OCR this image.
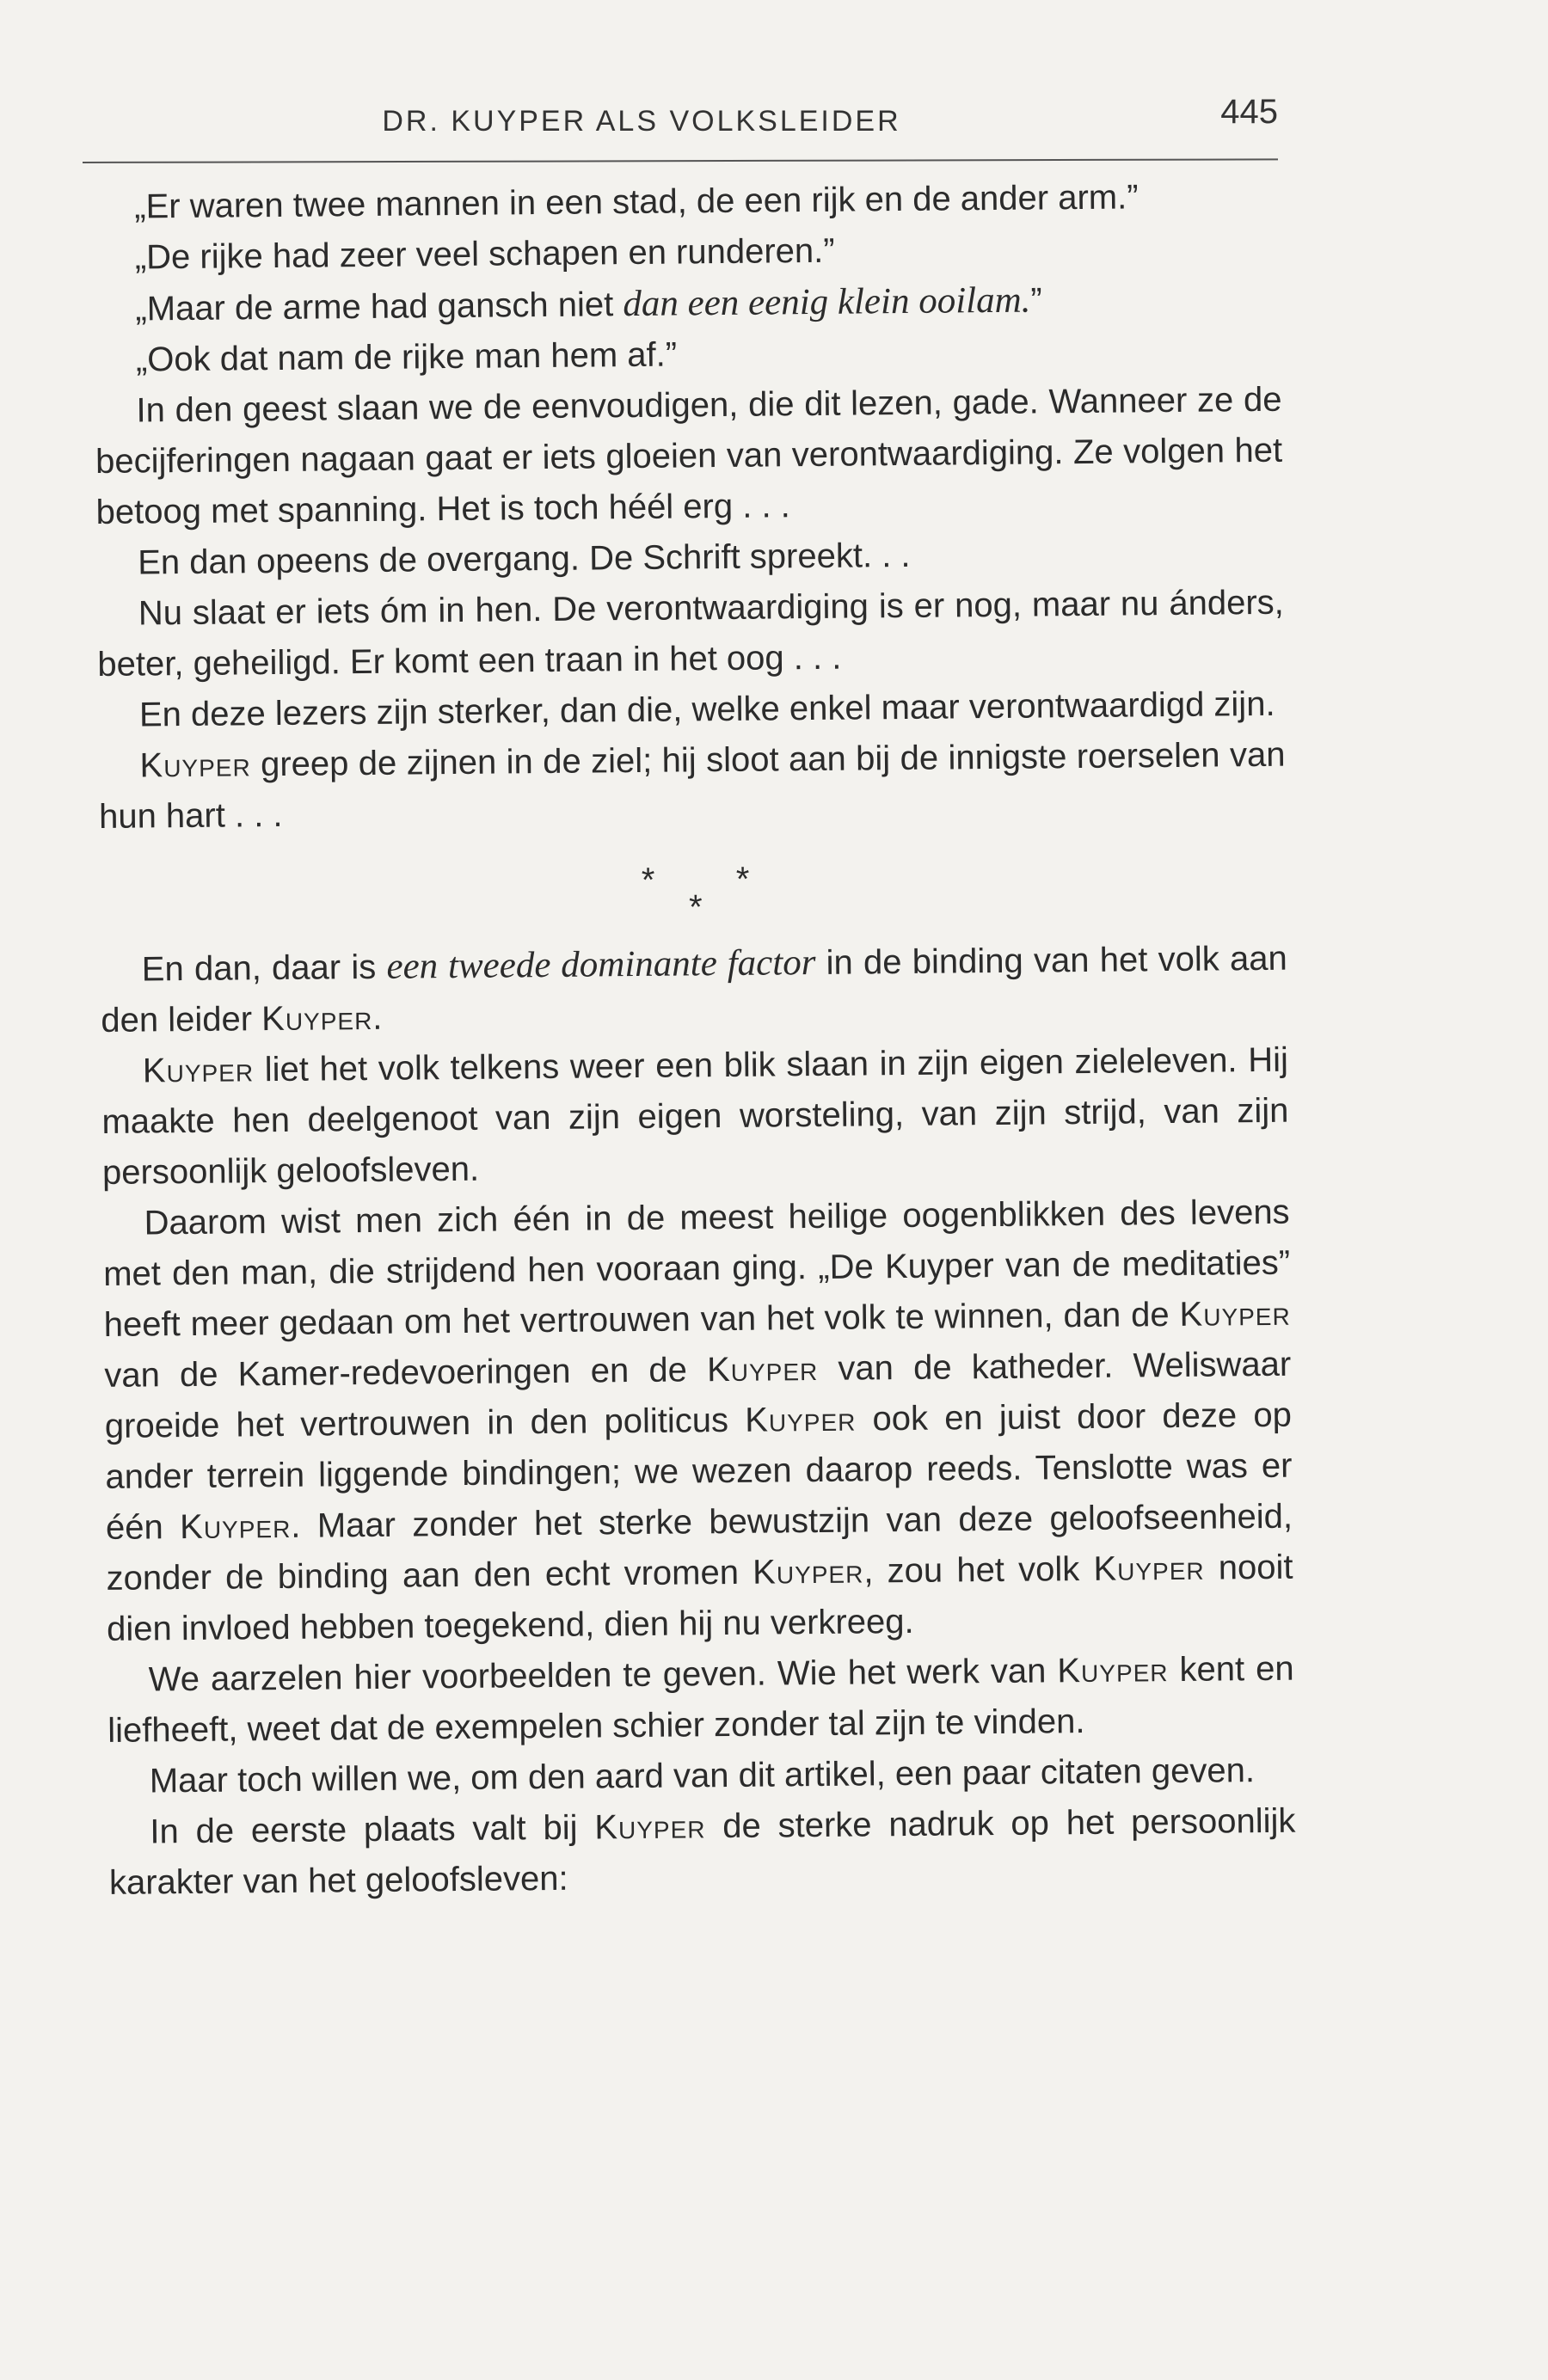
DR. KUYPER ALS VOLKSLEIDER	445

„Er waren twee mannen in een stad, de een rijk en de ander arm.”

„De rijke had zeer veel schapen en runderen.”

„Maar de arme had gansch niet dan een eenig klein ooilam.”

„Ook dat nam de rijke man hem af.”

In den geest slaan we de eenvoudigen, die dit lezen, gade. Wanneer ze de becijferingen nagaan gaat er iets gloeien van verontwaardiging. Ze volgen het betoog met spanning. Het is toch héél erg . . .

En dan opeens de overgang. De Schrift spreekt. . .

Nu slaat er iets óm in hen. De verontwaardiging is er nog, maar nu ánders, beter, geheiligd. Er komt een traan in het oog . . .

En deze lezers zijn sterker, dan die, welke enkel maar verontwaardigd zijn.

Kuyper greep de zijnen in de ziel; hij sloot aan bij de innigste roerselen van hun hart . . .

* *
*

En dan, daar is een tweede dominante factor in de binding van het volk aan den leider Kuyper.

Kuyper liet het volk telkens weer een blik slaan in zijn eigen zieleleven. Hij maakte hen deelgenoot van zijn eigen worsteling, van zijn strijd, van zijn persoonlijk geloofsleven.

Daarom wist men zich één in de meest heilige oogenblikken des levens met den man, die strijdend hen vooraan ging. „De Kuyper van de meditaties” heeft meer gedaan om het vertrouwen van het volk te winnen, dan de Kuyper van de Kamer-redevoeringen en de Kuyper van de katheder. Weliswaar groeide het vertrouwen in den politicus Kuyper ook en juist door deze op ander terrein liggende bindingen; we wezen daarop reeds. Tenslotte was er één Kuyper. Maar zonder het sterke bewustzijn van deze geloofseenheid, zonder de binding aan den echt vromen Kuyper, zou het volk Kuyper nooit dien invloed hebben toegekend, dien hij nu verkreeg.

We aarzelen hier voorbeelden te geven. Wie het werk van Kuyper kent en liefheeft, weet dat de exempelen schier zonder tal zijn te vinden.

Maar toch willen we, om den aard van dit artikel, een paar citaten geven.

In de eerste plaats valt bij Kuyper de sterke nadruk op het persoonlijk karakter van het geloofsleven:
